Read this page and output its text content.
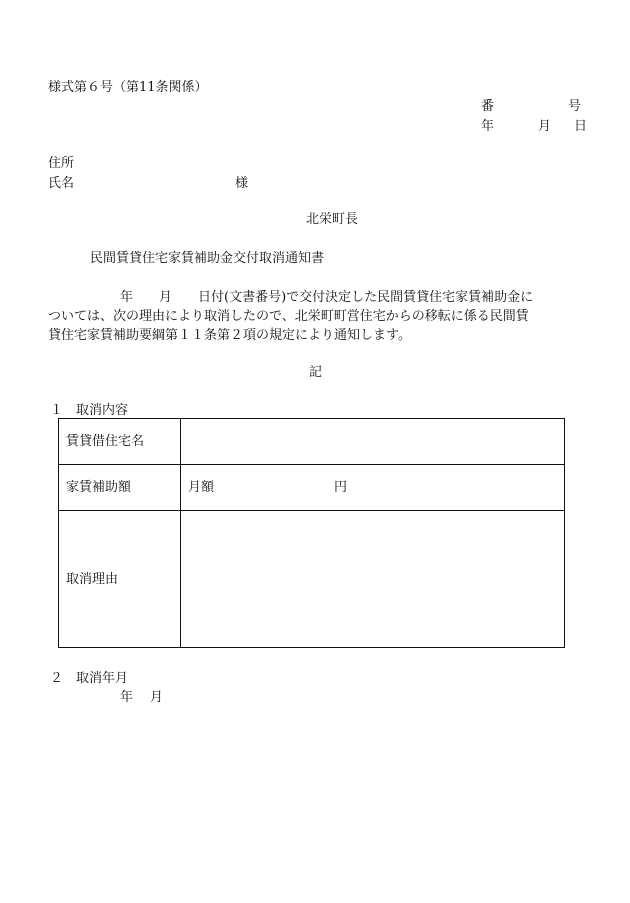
様式第６号（第11条関係）
番	号
年	月 日
住所
氏名	様
北栄町長
民間賃貸住宅家賃補助金交付取消通知書
年　　月　　日付(文書番号)で交付決定した民間賃貸住宅家賃補助金に
ついては、次の理由により取消したので、北栄町町営住宅からの移転に係る民間賃
貸住宅家賃補助要綱第１１条第２項の規定により通知します。
記
１　取消内容
賃貸借住宅名	
家賃補助額	月額 円
取消理由	
２　取消年月
年 月
